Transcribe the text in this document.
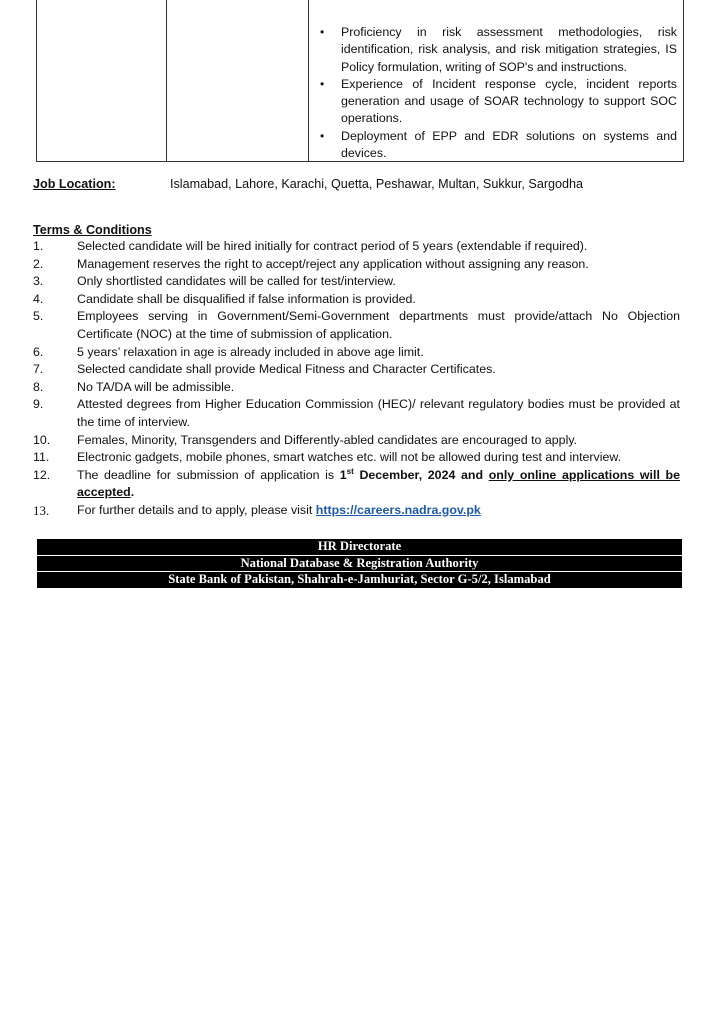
• Proficiency in risk assessment methodologies, risk identification, risk analysis, and risk mitigation strategies, IS Policy formulation, writing of SOP's and instructions.
• Experience of Incident response cycle, incident reports generation and usage of SOAR technology to support SOC operations.
• Deployment of EPP and EDR solutions on systems and devices.
Job Location:	Islamabad, Lahore, Karachi, Quetta, Peshawar, Multan, Sukkur, Sargodha
Terms & Conditions
1.	Selected candidate will be hired initially for contract period of 5 years (extendable if required).
2.	Management reserves the right to accept/reject any application without assigning any reason.
3.	Only shortlisted candidates will be called for test/interview.
4.	Candidate shall be disqualified if false information is provided.
5.	Employees serving in Government/Semi-Government departments must provide/attach No Objection Certificate (NOC) at the time of submission of application.
6.	5 years’ relaxation in age is already included in above age limit.
7.	Selected candidate shall provide Medical Fitness and Character Certificates.
8.	No TA/DA will be admissible.
9.	Attested degrees from Higher Education Commission (HEC)/ relevant regulatory bodies must be provided at the time of interview.
10. Females, Minority, Transgenders and Differently-abled candidates are encouraged to apply.
11. Electronic gadgets, mobile phones, smart watches etc. will not be allowed during test and interview.
12. The deadline for submission of application is 1st December, 2024 and only online applications will be accepted.
13. For further details and to apply, please visit https://careers.nadra.gov.pk
HR Directorate
National Database & Registration Authority
State Bank of Pakistan, Shahrah-e-Jamhuriat, Sector G-5/2, Islamabad
